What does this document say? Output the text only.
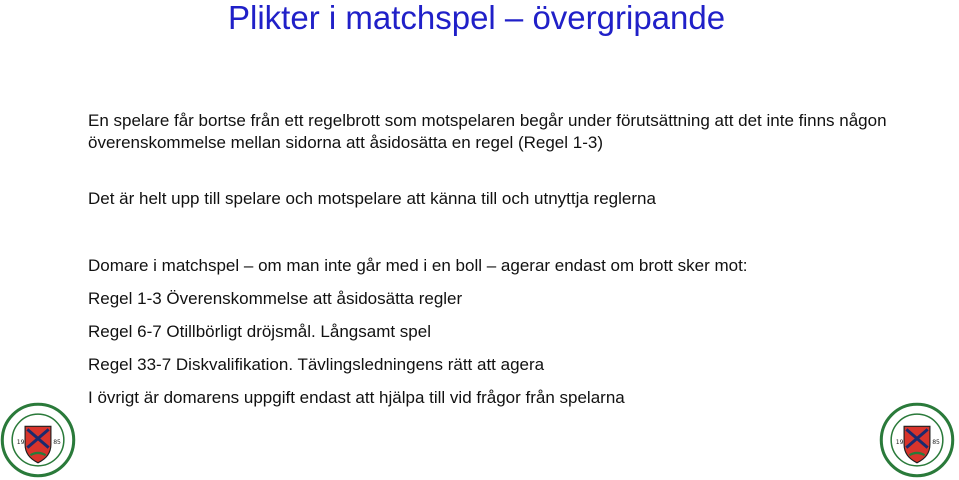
Plikter i matchspel – övergripande
En spelare får bortse från ett regelbrott som motspelaren begår under förutsättning att det inte finns någon överenskommelse mellan sidorna att åsidosätta en regel (Regel 1-3)
Det är helt upp till spelare och motspelare att känna till och utnyttja reglerna
Domare i matchspel – om man inte går med i en boll – agerar endast om brott sker mot:
Regel 1-3 Överenskommelse att åsidosätta regler
Regel 6-7 Otillbörligt dröjsmål. Långsamt spel
Regel 33-7 Diskvalifikation. Tävlingsledningens rätt att agera
I övrigt är domarens uppgift endast att hjälpa till vid frågor från spelarna
19	85	19	85
